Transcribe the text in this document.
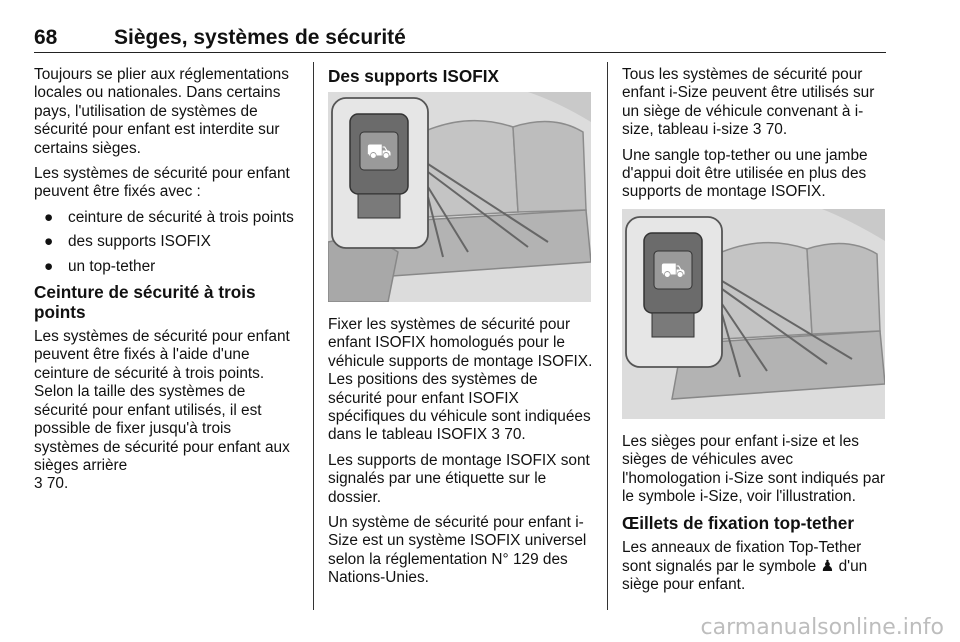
68	Sièges, systèmes de sécurité

Toujours se plier aux réglementations locales ou nationales. Dans certains pays, l'utilisation de systèmes de sécurité pour enfant est interdite sur certains sièges.

Les systèmes de sécurité pour enfant peuvent être fixés avec :

● ceinture de sécurité à trois points
● des supports ISOFIX
● un top-tether
Ceinture de sécurité à trois points

Les systèmes de sécurité pour enfant peuvent être fixés à l'aide d'une ceinture de sécurité à trois points. Selon la taille des systèmes de sécurité pour enfant utilisés, il est possible de fixer jusqu'à trois systèmes de sécurité pour enfant aux sièges arrière
3 70.

Des supports ISOFIX
⛟

Fixer les systèmes de sécurité pour enfant ISOFIX homologués pour le véhicule supports de montage ISOFIX. Les positions des systèmes de sécurité pour enfant ISOFIX spécifiques du véhicule sont indiquées dans le tableau ISOFIX 3 70.

Les supports de montage ISOFIX sont signalés par une étiquette sur le dossier.

Un système de sécurité pour enfant i-Size est un système ISOFIX universel selon la réglementation N° 129 des Nations-Unies.

Tous les systèmes de sécurité pour enfant i-Size peuvent être utilisés sur un siège de véhicule convenant à i-size, tableau i-size 3 70.

Une sangle top-tether ou une jambe d'appui doit être utilisée en plus des supports de montage ISOFIX.

⛟

Les sièges pour enfant i-size et les sièges de véhicules avec l'homologation i-Size sont indiqués par le symbole i-Size, voir l'illustration.

Œillets de fixation top-tether

Les anneaux de fixation Top-Tether sont signalés par le symbole ♟ d'un siège pour enfant.

carmanualsonline.info
